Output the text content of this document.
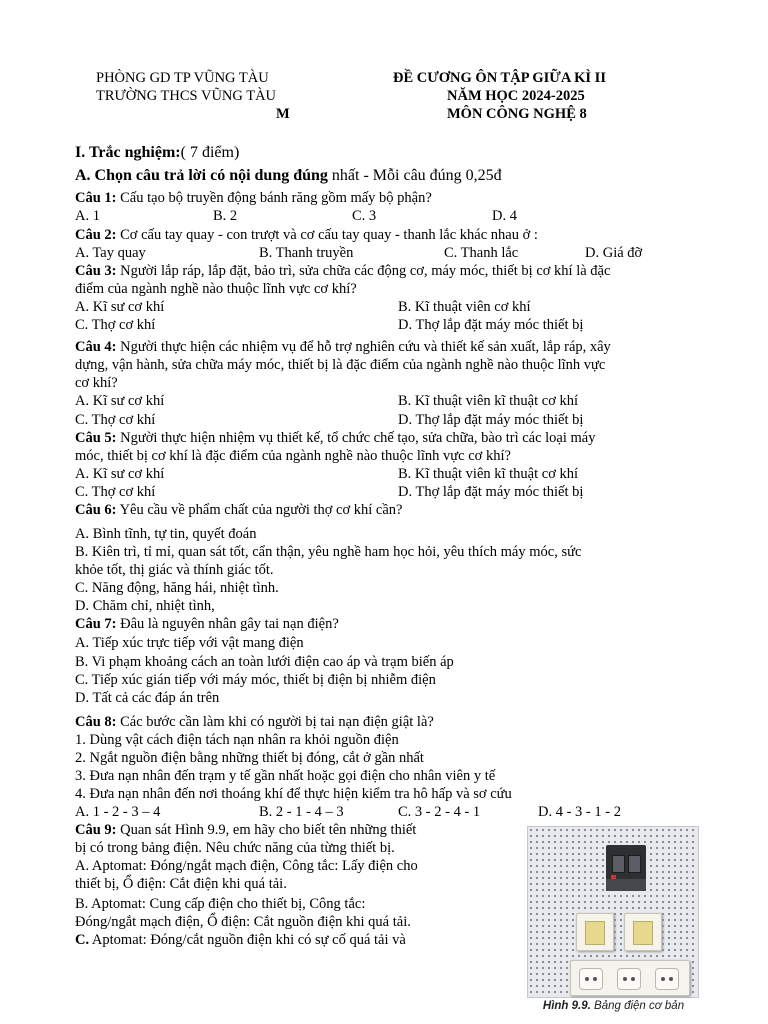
PHÒNG GD TP VŨNG TÀU
TRƯỜNG THCS VŨNG TÀU
M
ĐỀ CƯƠNG ÔN TẬP GIỮA KÌ II
NĂM HỌC 2024-2025
MÔN CÔNG NGHỆ 8
I. Trắc nghiệm:( 7 điểm)
A. Chọn câu trả lời có nội dung đúng nhất - Mỗi câu đúng 0,25đ
Câu 1: Cấu tạo bộ truyền động bánh răng gồm mấy bộ phận?
A. 1	B. 2	C. 3	D. 4
Câu 2: Cơ cấu tay quay - con trượt và cơ cấu tay quay - thanh lắc khác nhau ở :
A. Tay quay	B. Thanh truyền	C. Thanh lắc	D. Giá đỡ
Câu 3: Người lắp ráp, lắp đặt, bảo trì, sửa chữa các động cơ, máy móc, thiết bị cơ khí là đặc
điểm của ngành nghề nào thuộc lĩnh vực cơ khí?
A. Kĩ sư cơ khí	B. Kĩ thuật viên cơ khí
C. Thợ cơ khí	D. Thợ lắp đặt máy móc thiết bị
Câu 4: Người thực hiện các nhiệm vụ để hỗ trợ nghiên cứu và thiết kế sản xuất, lắp ráp, xây
dựng, vận hành, sửa chữa máy móc, thiết bị là đặc điểm của ngành nghề nào thuộc lĩnh vực
cơ khí?
A. Kĩ sư cơ khí	B. Kĩ thuật viên kĩ thuật cơ khí
C. Thợ cơ khí	D. Thợ lắp đặt máy móc thiết bị
Câu 5: Người thực hiện nhiệm vụ thiết kế, tổ chức chế tạo, sửa chữa, bào trì các loại máy
móc, thiết bị cơ khí là đặc điểm của ngành nghề nào thuộc lĩnh vực cơ khí?
A. Kĩ sư cơ khí	B. Kĩ thuật viên kĩ thuật cơ khí
C. Thợ cơ khí	D. Thợ lắp đặt máy móc thiết bị
Câu 6: Yêu cầu về phẩm chất của người thợ cơ khí cần?
A. Bình tĩnh, tự tin, quyết đoán
B. Kiên trì, tỉ mỉ, quan sát tốt, cẩn thận, yêu nghề ham học hỏi, yêu thích máy móc, sức
khỏe tốt, thị giác và thính giác tốt.
C. Năng động, hăng hái, nhiệt tình.
D. Chăm chỉ, nhiệt tình,
Câu 7: Đâu là nguyên nhân gây tai nạn điện?
A. Tiếp xúc trực tiếp với vật mang điện
B. Vi phạm khoảng cách an toàn lưới điện cao áp và trạm biến áp
C. Tiếp xúc gián tiếp với máy móc, thiết bị điện bị nhiễm điện
D. Tất cả các đáp án trên
Câu 8: Các bước cần làm khi có người bị tai nạn điện giật là?
1. Dùng vật cách điện tách nạn nhân ra khỏi nguồn điện
2. Ngắt nguồn điện bằng những thiết bị đóng, cắt ở gần nhất
3. Đưa nạn nhân đến trạm y tế gần nhất hoặc gọi điện cho nhân viên y tế
4. Đưa nạn nhân đến nơi thoáng khí để thực hiện kiểm tra hô hấp và sơ cứu
A. 1 - 2 - 3 – 4	B. 2 - 1 - 4 – 3	C. 3 - 2 - 4 - 1	D. 4 - 3 - 1 - 2
Câu 9: Quan sát Hình 9.9, em hãy cho biết tên những thiết
bị có trong bảng điện. Nêu chức năng của từng thiết bị.
A. Aptomat: Đóng/ngắt mạch điện, Công tắc: Lấy điện cho
thiết bị, Ổ điện: Cắt điện khi quá tải.
B. Aptomat: Cung cấp điện cho thiết bị, Công tắc:
Đóng/ngắt mạch điện, Ổ điện: Cắt nguồn điện khi quá tải.
C. Aptomat: Đóng/cắt nguồn điện khi có sự cố quá tải và
Hình 9.9. Bảng điện cơ bản
